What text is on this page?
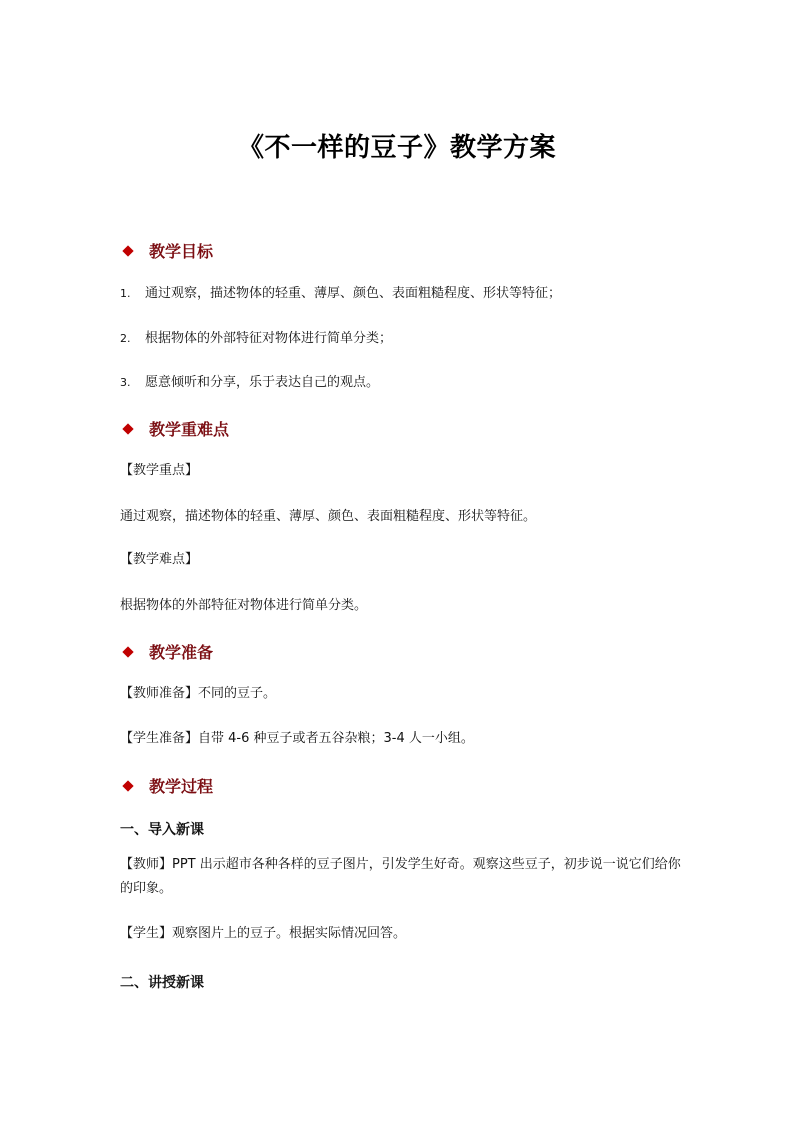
《不一样的豆子》教学方案
教学目标
1. 通过观察，描述物体的轻重、薄厚、颜色、表面粗糙程度、形状等特征；
2. 根据物体的外部特征对物体进行简单分类；
3. 愿意倾听和分享，乐于表达自己的观点。
教学重难点
【教学重点】
通过观察，描述物体的轻重、薄厚、颜色、表面粗糙程度、形状等特征。
【教学难点】
根据物体的外部特征对物体进行简单分类。
教学准备
【教师准备】不同的豆子。
【学生准备】自带 4-6 种豆子或者五谷杂粮；3-4 人一小组。
教学过程
一、导入新课
【教师】PPT 出示超市各种各样的豆子图片，引发学生好奇。观察这些豆子，初步说一说它们给你的印象。
【学生】观察图片上的豆子。根据实际情况回答。
二、讲授新课
